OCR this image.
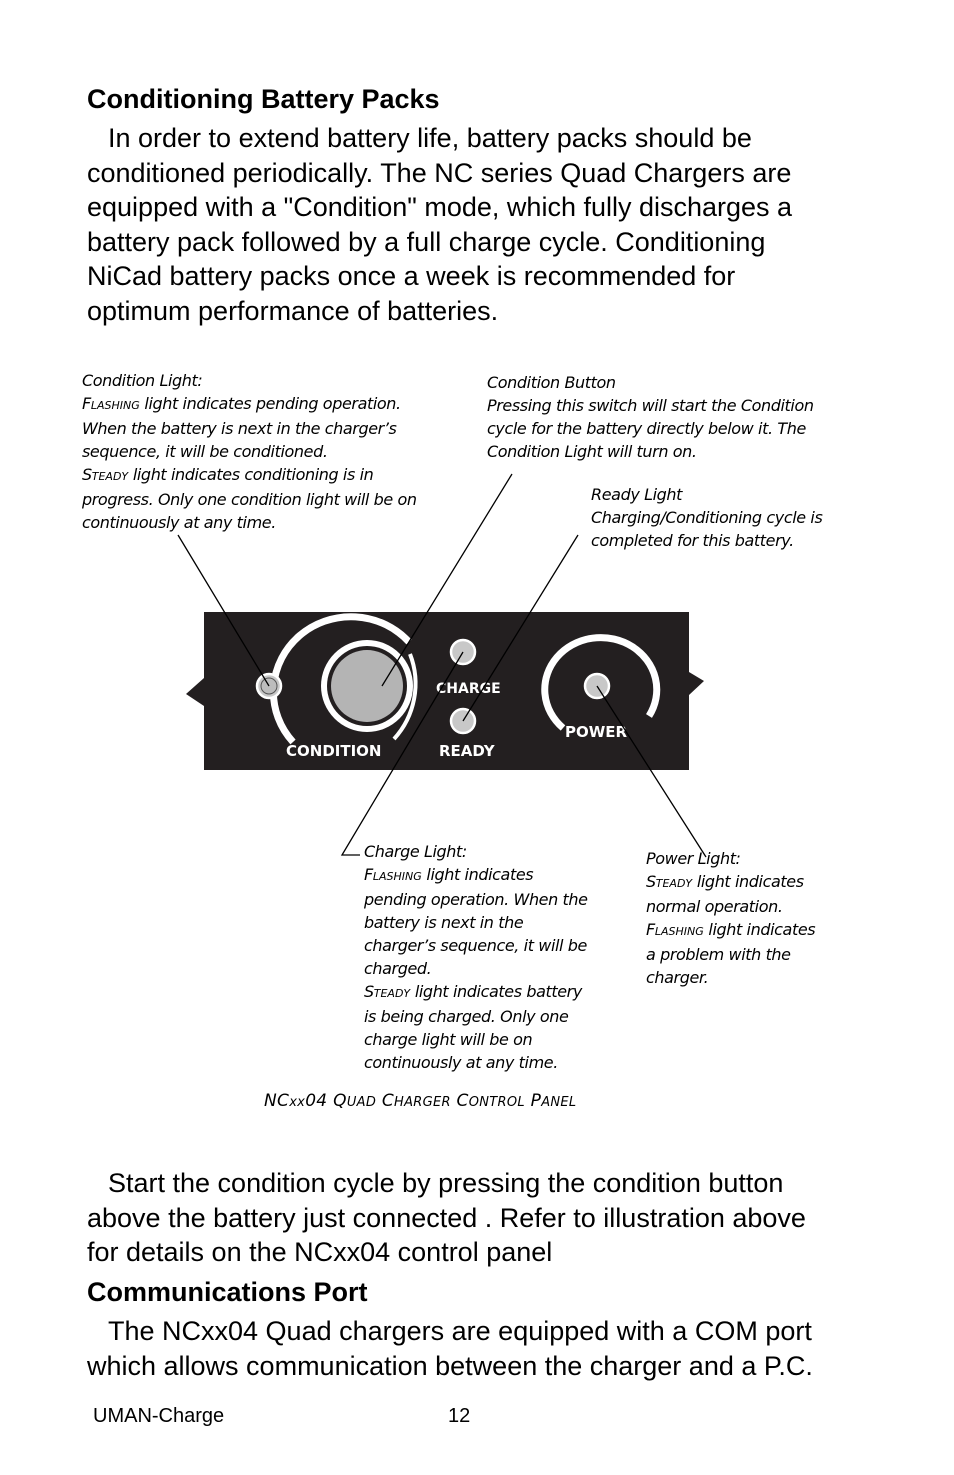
Conditioning Battery Packs

In order to extend battery life, battery packs should be

conditioned periodically. The NC series Quad Chargers are

equipped with a "Condition" mode, which fully discharges a

battery pack followed by a full charge cycle. Conditioning

NiCad battery packs once a week is recommended for

optimum performance of batteries.

Condition Light:
FLASHING light indicates pending operation.
When the battery is next in the charger’s
sequence, it will be conditioned.
STEADY light indicates conditioning is in
progress. Only one condition light will be on
continuously at any time.
Condition Button
Pressing this switch will start the Condition
cycle for the battery directly below it. The
Condition Light will turn on.
Ready Light
Charging/Conditioning cycle is
completed for this battery.
CONDITION
CHARGE
READY
POWER
Charge Light:
FLASHING light indicates
pending operation. When the
battery is next in the
charger’s sequence, it will be
charged.
STEADY light indicates battery
is being charged. Only one
charge light will be on
continuously at any time.
Power Light:
STEADY light indicates
normal operation.
FLASHING light indicates
a problem with the
charger.
NCxx04 QUAD CHARGER CONTROL PANEL

Start the condition cycle by pressing the condition button

above the battery just connected . Refer to illustration above

for details on the NCxx04 control panel

Communications Port

The NCxx04 Quad chargers are equipped with a COM port

which allows communication between the charger and a P.C.

UMAN-Charge	12
